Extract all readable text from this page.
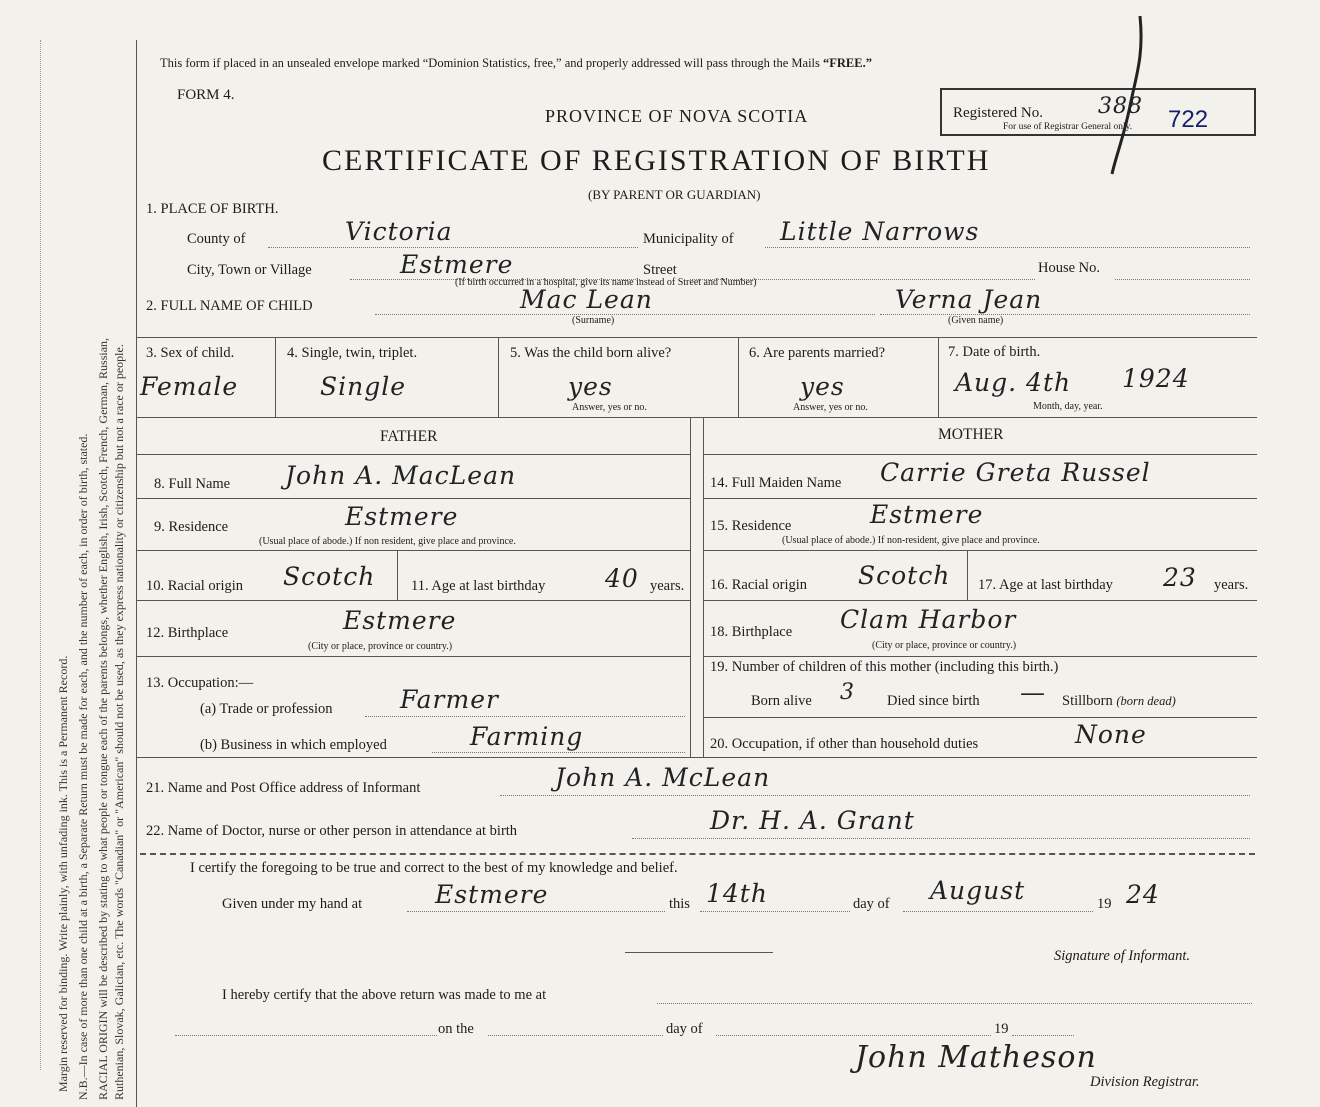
Margin reserved for binding. Write plainly, with unfading ink. This is a Permanent Record. N.B.—In case of more than one child at a birth, a Separate Return must be made for each, and the number of each, in order of birth, stated. RACIAL ORIGIN will be described by stating to what people or tongue each of the parents belongs, whether English, Irish, Scotch, French, German, Russian, Ruthenian, Slovak, Galician, etc. The words "Canadian" or "American" should not be used, as they express nationality or citizenship but not a race or people.
This form if placed in an unsealed envelope marked “Dominion Statistics, free,” and properly addressed will pass through the Mails “FREE.”
FORM 4.
PROVINCE OF NOVA SCOTIA	Registered No.	388 722
For use of Registrar General only.
CERTIFICATE OF REGISTRATION OF BIRTH
(BY PARENT OR GUARDIAN)
1. PLACE OF BIRTH.
County of	Victoria	Municipality of Little Narrows
City, Town or Village	Estmere	Street	House No.
(If birth occurred in a hospital, give its name instead of Street and Number)
2. FULL NAME OF CHILD	Mac Lean
(Surname)
Verna Jean
(Given name)
3. Sex of child.
Female
4. Single, twin, triplet.
Single
5. Was the child born alive?
yes
Answer, yes or no.
6. Are parents married?
yes
Answer, yes or no.
7. Date of birth.
Aug. 4th 1924
Month, day, year.
FATHER	MOTHER
8. Full Name John A. MacLean
9. Residence	Estmere
(Usual place of abode.) If non resident, give place and province.
10. Racial origin Scotch 11. Age at last birthday 40 years.
12. Birthplace	Estmere
(City or place, province or country.)
13. Occupation:—
(a) Trade or profession	Farmer
(b) Business in which employed	Farming
14. Full Maiden Name Carrie Greta Russel
15. Residence	Estmere
(Usual place of abode.) If non-resident, give place and province.
16. Racial origin Scotch 17. Age at last birthday 23 years.
18. Birthplace Clam Harbor
(City or place, province or country.)
19. Number of children of this mother (including this birth.)
Born alive 3 Died since birth — Stillborn (born dead)
20. Occupation, if other than household duties	None
21. Name and Post Office address of Informant	John A. McLean
22. Name of Doctor, nurse or other person in attendance at birth	Dr. H. A. Grant
I certify the foregoing to be true and correct to the best of my knowledge and belief.
Given under my hand at	Estmere	this 14th	day of August	19 24
Signature of Informant.
I hereby certify that the above return was made to me at
on the	day of	19
John Matheson
Division Registrar.
